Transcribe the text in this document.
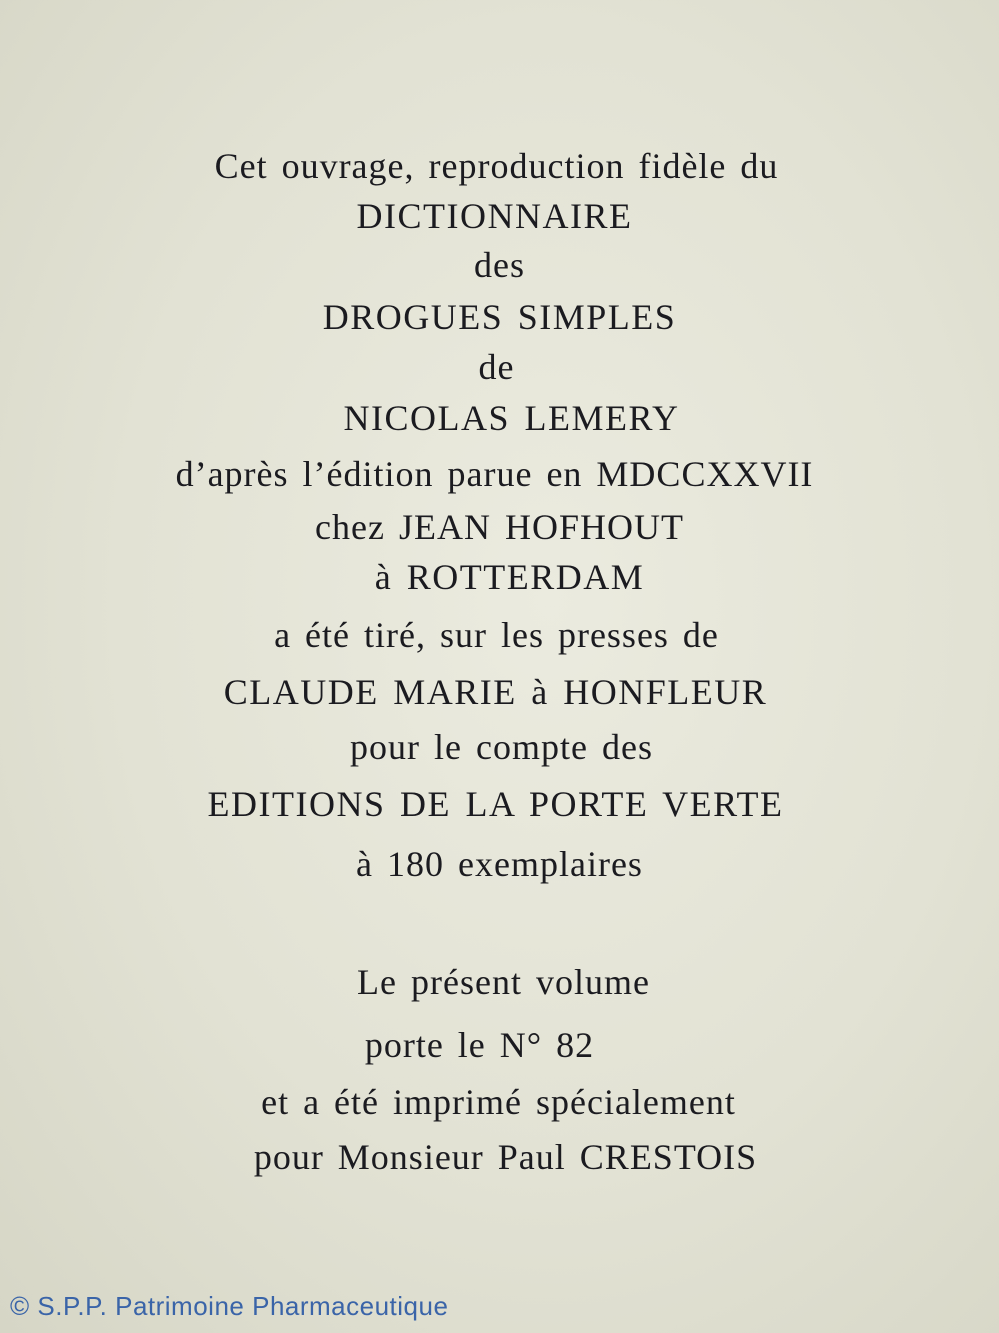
Cet ouvrage, reproduction fidèle du
DICTIONNAIRE
des
DROGUES SIMPLES
de
NICOLAS LEMERY
d’après l’édition parue en MDCCXXVII
chez JEAN HOFHOUT
à ROTTERDAM
a été tiré, sur les presses de
CLAUDE MARIE à HONFLEUR
pour le compte des
EDITIONS DE LA PORTE VERTE
à 180 exemplaires
Le présent volume
porte le N° 82
et a été imprimé spécialement
pour Monsieur Paul CRESTOIS
© S.P.P. Patrimoine Pharmaceutique
